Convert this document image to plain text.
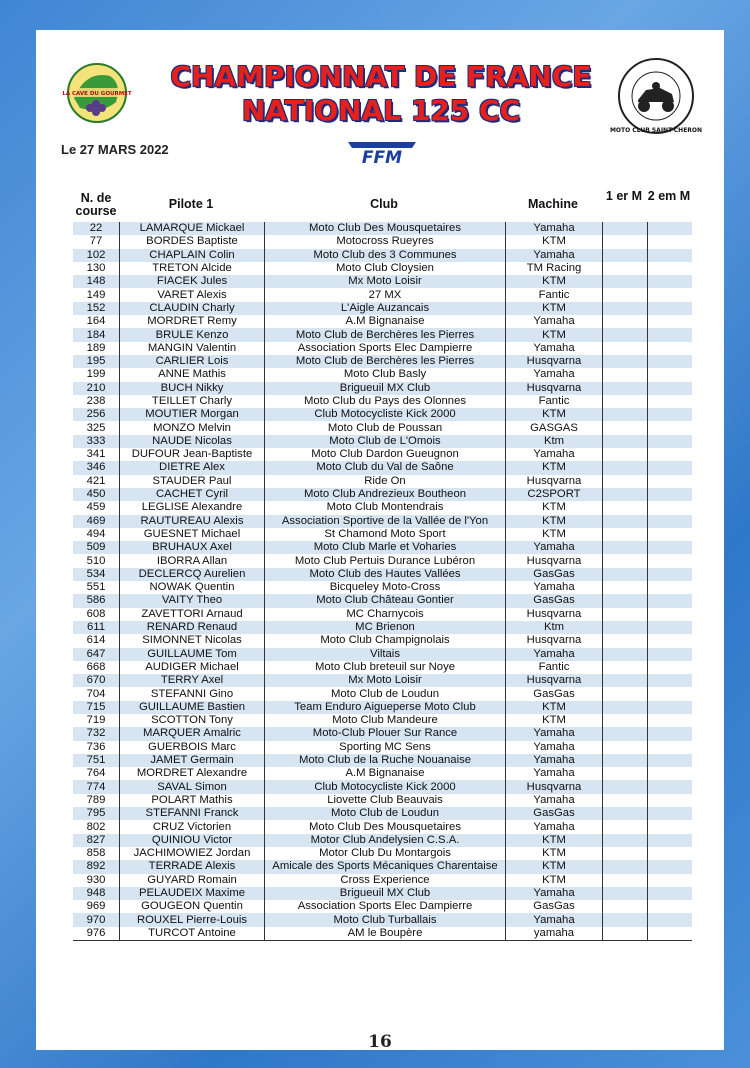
LA CAVE DU GOURMET
CHAMPIONNAT DE FRANCE
NATIONAL 125 CC
MOTO CLUB SAINT-CHERON
Le 27 MARS 2022	FFM
N. de course	Pilote 1	Club	Machine
1 er M 2 em M
22	LAMARQUE Mickael	Moto Club Des Mousquetaires	Yamaha		
77	BORDES Baptiste	Motocross Rueyres	KTM		
102	CHAPLAIN Colin	Moto Club des 3 Communes	Yamaha		
130	TRETON Alcide	Moto Club Cloysien	TM Racing		
148	FIACEK Jules	Mx Moto Loisir	KTM		
149	VARET Alexis	27 MX	Fantic		
152	CLAUDIN Charly	L'Aigle Auzancais	KTM		
164	MORDRET Remy	A.M Bignanaise	Yamaha		
184	BRULE Kenzo	Moto Club de Berchères les Pierres	KTM		
189	MANGIN Valentin	Association Sports Elec Dampierre	Yamaha		
195	CARLIER Lois	Moto Club de Berchères les Pierres	Husqvarna		
199	ANNE Mathis	Moto Club Basly	Yamaha		
210	BUCH Nikky	Brigueuil MX Club	Husqvarna		
238	TEILLET Charly	Moto Club du Pays des Olonnes	Fantic		
256	MOUTIER Morgan	Club Motocycliste Kick 2000	KTM		
325	MONZO Melvin	Moto Club de Poussan	GASGAS		
333	NAUDE Nicolas	Moto Club de L'Omois	Ktm		
341	DUFOUR Jean-Baptiste	Moto Club Dardon Gueugnon	Yamaha		
346	DIETRE Alex	Moto Club du Val de Saône	KTM		
421	STAUDER Paul	Ride On	Husqvarna		
450	CACHET Cyril	Moto Club Andrezieux Boutheon	C2SPORT		
459	LEGLISE Alexandre	Moto Club Montendrais	KTM		
469	RAUTUREAU Alexis	Association Sportive de la Vallée de l'Yon	KTM		
494	GUESNET Michael	St Chamond Moto Sport	KTM		
509	BRUHAUX Axel	Moto Club Marle et Voharies	Yamaha		
510	IBORRA Allan	Moto Club Pertuis Durance Lubéron	Husqvarna		
534	DECLERCQ Aurelien	Moto Club des Hautes Vallées	GasGas		
551	NOWAK Quentin	Bicqueley Moto-Cross	Yamaha		
586	VAITY Theo	Moto Club Château Gontier	GasGas		
608	ZAVETTORI Arnaud	MC Charnycois	Husqvarna		
611	RENARD Renaud	MC Brienon	Ktm		
614	SIMONNET Nicolas	Moto Club Champignolais	Husqvarna		
647	GUILLAUME Tom	Viltais	Yamaha		
668	AUDIGER Michael	Moto Club breteuil sur Noye	Fantic		
670	TERRY Axel	Mx Moto Loisir	Husqvarna		
704	STEFANNI Gino	Moto Club de Loudun	GasGas		
715	GUILLAUME Bastien	Team Enduro Aigueperse Moto Club	KTM		
719	SCOTTON Tony	Moto Club Mandeure	KTM		
732	MARQUER Amalric	Moto-Club Plouer Sur Rance	Yamaha		
736	GUERBOIS Marc	Sporting MC Sens	Yamaha		
751	JAMET Germain	Moto Club de la Ruche Nouanaise	Yamaha		
764	MORDRET Alexandre	A.M Bignanaise	Yamaha		
774	SAVAL Simon	Club Motocycliste Kick 2000	Husqvarna		
789	POLART Mathis	Liovette Club Beauvais	Yamaha		
795	STEFANNI Franck	Moto Club de Loudun	GasGas		
802	CRUZ Victorien	Moto Club Des Mousquetaires	Yamaha		
827	QUINIOU Victor	Motor Club Andelysien C.S.A.	KTM		
858	JACHIMOWIEZ Jordan	Motor Club Du Montargois	KTM		
892	TERRADE Alexis	Amicale des Sports Mécaniques Charentaise	KTM		
930	GUYARD Romain	Cross Experience	KTM		
948	PELAUDEIX Maxime	Brigueuil MX Club	Yamaha		
969	GOUGEON Quentin	Association Sports Elec Dampierre	GasGas		
970	ROUXEL Pierre-Louis	Moto Club Turballais	Yamaha		
976	TURCOT Antoine	AM le Boupère	yamaha		
16
